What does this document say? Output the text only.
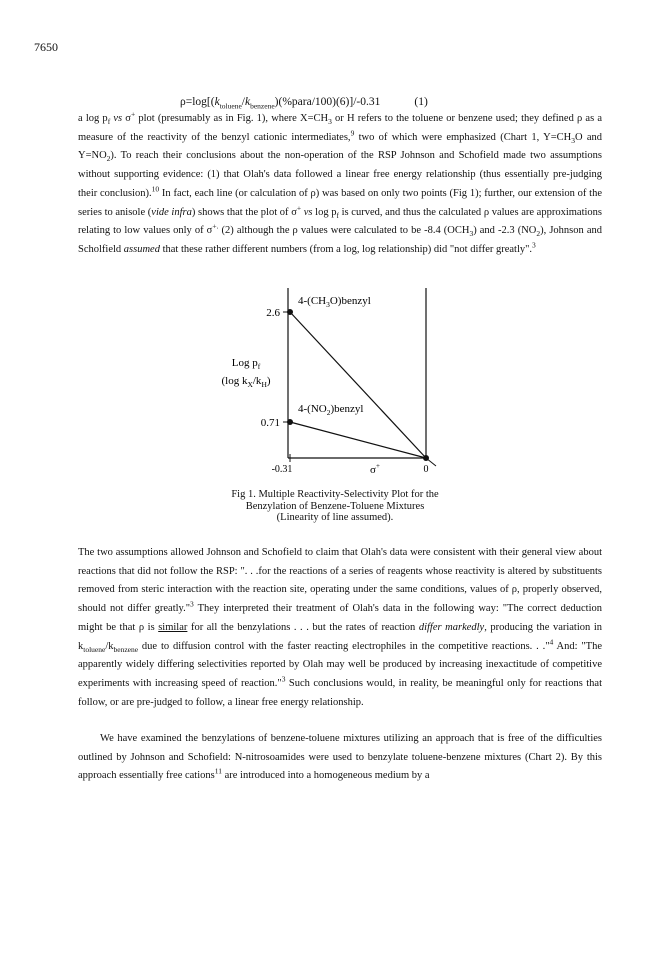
7650
$\rho=\log[(k_{toluene}/k_{benzene})(\%para/100)(6)]/-0.31$	(1)

a $\log p_f$ vs σ+ plot (presumably as in Fig. 1), where $X=CH_3$ or H refers to the toluene or benzene used; they defined ρ as a measure of the reactivity of the benzyl cationic intermediates,$^9$ two of which were emphasized (Chart 1, $Y=CH_3O$ and $Y=NO_2$). To reach their conclusions about the non-operation of the RSP Johnson and Schofield made two assumptions without supporting evidence: (1) that Olah's data followed a linear free energy relationship (thus essentially pre-judging their conclusion).$^{10}$ In fact, each line (or calculation of ρ) was based on only two points (Fig 1); further, our extension of the series to anisole (vide infra) shows that the plot of σ+ vs $\log p_f$ is curved, and thus the calculated ρ values are approximations relating to low values only of σ+. (2) although the ρ values were calculated to be -8.4 $(OCH_3)$ and -2.3 $(NO_2)$, Johnson and Scholfield assumed that these rather different numbers (from a log, log relationship) did "not differ greatly".$^3$

2.6
0.71
-0.31	0
σ+
Log $p_f$
(log $k_X/k_H$)
$4-(CH_3O)benzyl$
$4-(NO_2)benzyl$
Fig 1. Multiple Reactivity-Selectivity Plot for the
Benzylation of Benzene-Toluene Mixtures
(Linearity of line assumed).

The two assumptions allowed Johnson and Schofield to claim that Olah's data were consistent with their general view about reactions that did not follow the RSP: ". . .for the reactions of a series of reagents whose reactivity is altered by substituents removed from steric interaction with the reaction site, operating under the same conditions, values of ρ, properly observed, should not differ greatly."$^3$ They interpreted their treatment of Olah's data in the following way: "The correct deduction might be that ρ is similar for all the benzylations . . . but the rates of reaction differ markedly, producing the variation in $k_{toluene}/k_{benzene}$ due to diffusion control with the faster reacting electrophiles in the competitive reactions. . ."$^4$ And: "The apparently widely differing selectivities reported by Olah may well be produced by increasing inexactitude of competitive experiments with increasing speed of reaction."$^3$ Such conclusions would, in reality, be meaningful only for reactions that follow, or are pre-judged to follow, a linear free energy relationship.

We have examined the benzylations of benzene-toluene mixtures utilizing an approach that is free of the difficulties outlined by Johnson and Schofield: N-nitrosoamides were used to benzylate toluene-benzene mixtures (Chart 2). By this approach essentially free cations$^{11}$ are introduced into a homogeneous medium by a
